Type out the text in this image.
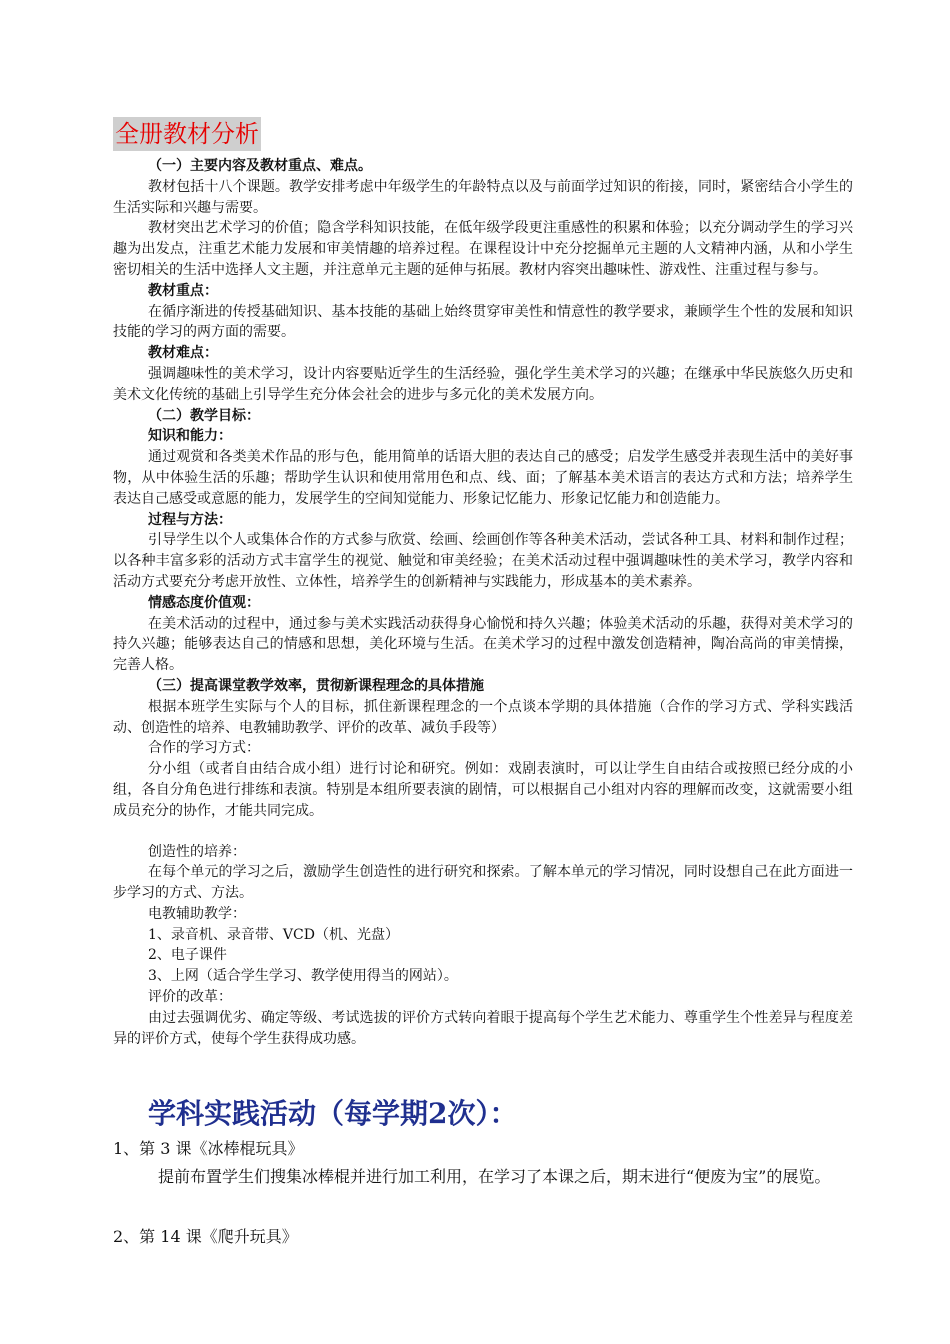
全册教材分析
（一）主要内容及教材重点、难点。
教材包括十八个课题。教学安排考虑中年级学生的年龄特点以及与前面学过知识的衔接，同时，紧密结合小学生的生活实际和兴趣与需要。
教材突出艺术学习的价值；隐含学科知识技能，在低年级学段更注重感性的积累和体验；以充分调动学生的学习兴趣为出发点，注重艺术能力发展和审美情趣的培养过程。在课程设计中充分挖掘单元主题的人文精神内涵，从和小学生密切相关的生活中选择人文主题，并注意单元主题的延伸与拓展。教材内容突出趣味性、游戏性、注重过程与参与。
教材重点：
在循序渐进的传授基础知识、基本技能的基础上始终贯穿审美性和情意性的教学要求，兼顾学生个性的发展和知识技能的学习的两方面的需要。
教材难点：
强调趣味性的美术学习，设计内容要贴近学生的生活经验，强化学生美术学习的兴趣；在继承中华民族悠久历史和美术文化传统的基础上引导学生充分体会社会的进步与多元化的美术发展方向。
（二）教学目标：
知识和能力：
通过观赏和各类美术作品的形与色，能用简单的话语大胆的表达自己的感受；启发学生感受并表现生活中的美好事物，从中体验生活的乐趣；帮助学生认识和使用常用色和点、线、面；了解基本美术语言的表达方式和方法；培养学生表达自己感受或意愿的能力，发展学生的空间知觉能力、形象记忆能力、形象记忆能力和创造能力。
过程与方法：
引导学生以个人或集体合作的方式参与欣赏、绘画、绘画创作等各种美术活动，尝试各种工具、材料和制作过程；以各种丰富多彩的活动方式丰富学生的视觉、触觉和审美经验；在美术活动过程中强调趣味性的美术学习，教学内容和活动方式要充分考虑开放性、立体性，培养学生的创新精神与实践能力，形成基本的美术素养。
情感态度价值观：
在美术活动的过程中，通过参与美术实践活动获得身心愉悦和持久兴趣；体验美术活动的乐趣，获得对美术学习的持久兴趣；能够表达自己的情感和思想，美化环境与生活。在美术学习的过程中激发创造精神，陶冶高尚的审美情操，完善人格。
（三）提高课堂教学效率，贯彻新课程理念的具体措施
根据本班学生实际与个人的目标，抓住新课程理念的一个点谈本学期的具体措施（合作的学习方式、学科实践活动、创造性的培养、电教辅助教学、评价的改革、减负手段等）
合作的学习方式：
分小组（或者自由结合成小组）进行讨论和研究。例如：戏剧表演时，可以让学生自由结合或按照已经分成的小组，各自分角色进行排练和表演。特别是本组所要表演的剧情，可以根据自己小组对内容的理解而改变，这就需要小组成员充分的协作，才能共同完成。
创造性的培养：
在每个单元的学习之后，激励学生创造性的进行研究和探索。了解本单元的学习情况，同时设想自己在此方面进一步学习的方式、方法。
电教辅助教学：
1、录音机、录音带、VCD（机、光盘）
2、电子课件
3、上网（适合学生学习、教学使用得当的网站）。
评价的改革：
由过去强调优劣、确定等级、考试选拔的评价方式转向着眼于提高每个学生艺术能力、尊重学生个性差异与程度差异的评价方式，使每个学生获得成功感。
学科实践活动（每学期2次）：
1、第 3 课《冰棒棍玩具》
提前布置学生们搜集冰棒棍并进行加工利用，在学习了本课之后，期末进行“便废为宝”的展览。
2、第 14 课《爬升玩具》
